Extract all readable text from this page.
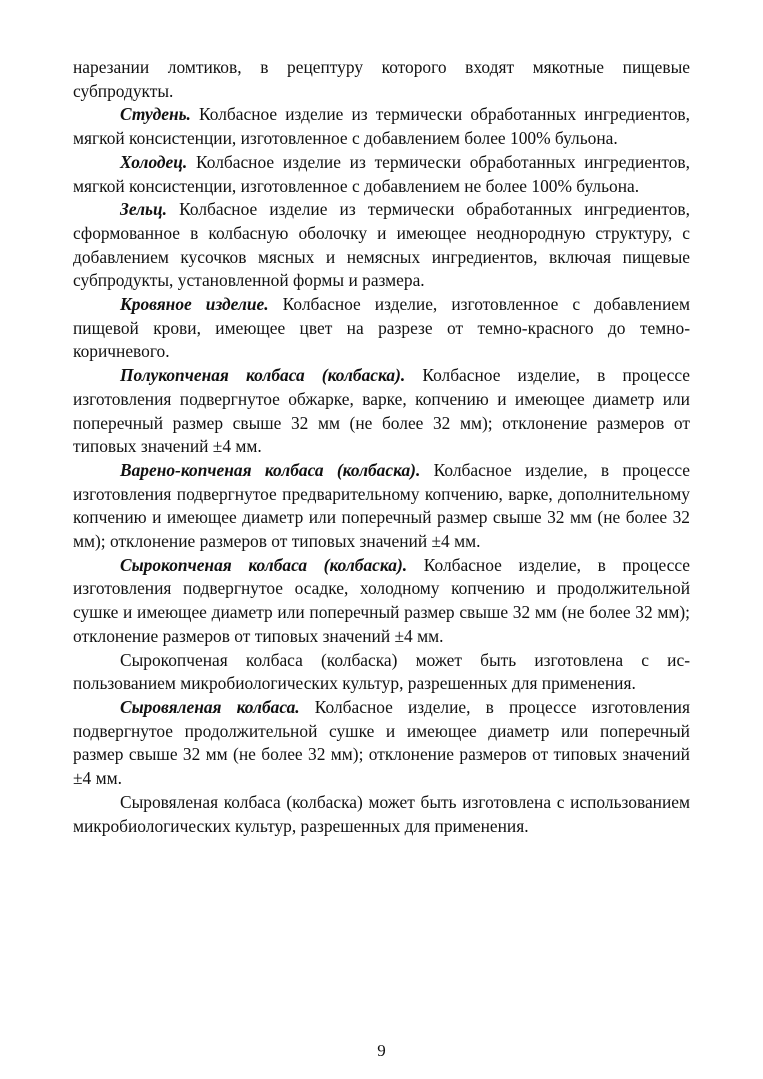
нарезании ломтиков, в рецептуру которого входят мякотные пищевые субпродукты.

Студень. Колбасное изделие из термически обработанных ингредиентов, мягкой консистенции, изготовленное с добавлением более 100% бульона.

Холодец. Колбасное изделие из термически обработанных ингредиентов, мягкой консистенции, изготовленное с добавлением не более 100% бульона.

Зельц. Колбасное изделие из термически обработанных ингредиентов, сформованное в колбасную оболочку и имеющее неоднородную структуру, с добавлением кусочков мясных и немясных ингредиентов, включая пищевые субпродукты, установленной формы и размера.

Кровяное изделие. Колбасное изделие, изготовленное с добавлением пищевой крови, имеющее цвет на разрезе от темно-красного до темно-коричневого.

Полукопченая колбаса (колбаска). Колбасное изделие, в процессе изготовления подвергнутое обжарке, варке, копчению и имеющее диаметр или поперечный размер свыше 32 мм (не более 32 мм); отклонение размеров от типовых значений ±4 мм.

Варено-копченая колбаса (колбаска). Колбасное изделие, в процессе изготовления подвергнутое предварительному копчению, варке, дополнительному копчению и имеющее диаметр или поперечный размер свыше 32 мм (не более 32 мм); отклонение размеров от типовых значений ±4 мм.

Сырокопченая колбаса (колбаска). Колбасное изделие, в процессе изготовления подвергнутое осадке, холодному копчению и продолжительной сушке и имеющее диаметр или поперечный размер свыше 32 мм (не более 32 мм); отклонение размеров от типовых значений ±4 мм.

Сырокопченая колбаса (колбаска) может быть изготовлена с использованием микробиологических культур, разрешенных для применения.

Сыровяленая колбаса. Колбасное изделие, в процессе изготовления подвергнутое продолжительной сушке и имеющее диаметр или поперечный размер свыше 32 мм (не более 32 мм); отклонение размеров от типовых значений ±4 мм.

Сыровяленая колбаса (колбаска) может быть изготовлена с использованием микробиологических культур, разрешенных для применения.

9
